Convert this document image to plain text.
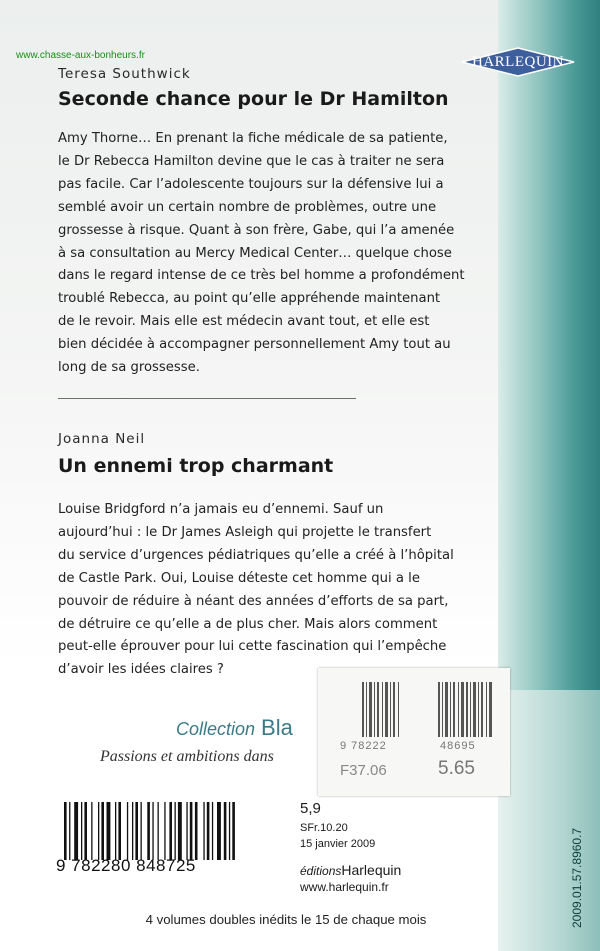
www.chasse-aux-bonheurs.fr	HARLEQUIN
Teresa Southwick
Seconde chance pour le Dr Hamilton

Amy Thorne… En prenant la fiche médicale de sa patiente,

le Dr Rebecca Hamilton devine que le cas à traiter ne sera

pas facile. Car l’adolescente toujours sur la défensive lui a

semblé avoir un certain nombre de problèmes, outre une

grossesse à risque. Quant à son frère, Gabe, qui l’a amenée

à sa consultation au Mercy Medical Center… quelque chose

dans le regard intense de ce très bel homme a profondément

troublé Rebecca, au point qu’elle appréhende maintenant

de le revoir. Mais elle est médecin avant tout, et elle est

bien décidée à accompagner personnellement Amy tout au

long de sa grossesse.

Joanna Neil
Un ennemi trop charmant

Louise Bridgford n’a jamais eu d’ennemi. Sauf un

aujourd’hui : le Dr James Asleigh qui projette le transfert

du service d’urgences pédiatriques qu’elle a créé à l’hôpital

de Castle Park. Oui, Louise déteste cet homme qui a le

pouvoir de réduire à néant des années d’efforts de sa part,

de détruire ce qu’elle a de plus cher. Mais alors comment

peut-elle éprouver pour lui cette fascination qui l’empêche

d’avoir les idées claires ?

Collection Bla
Passions et ambitions dans
9 78222	48695
F37.06	5.65
9 782280 848725
5,9
SFr.10.20
15 janvier 2009
éditionsHarlequin
www.harlequin.fr	2009.01.57.8960.7
4 volumes doubles inédits le 15 de chaque mois
